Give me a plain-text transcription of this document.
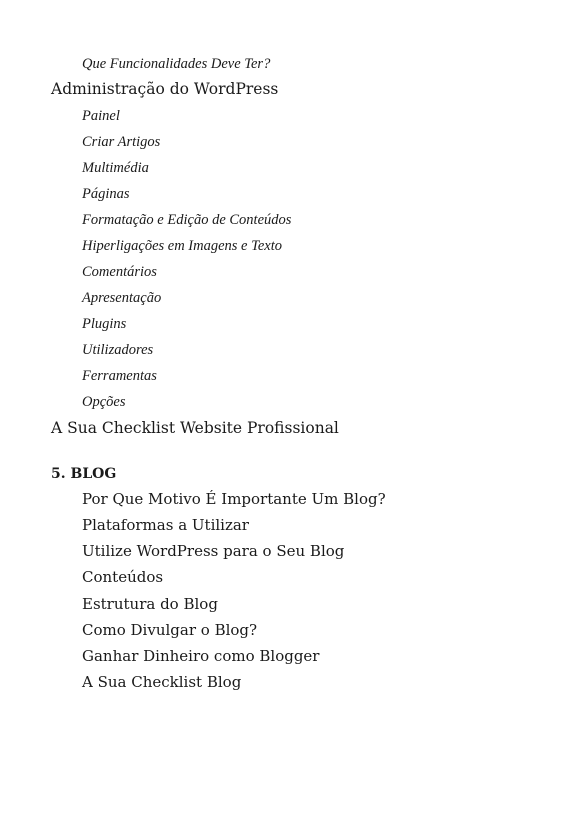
Que Funcionalidades Deve Ter?
Administração do WordPress
Painel
Criar Artigos
Multimédia
Páginas
Formatação e Edição de Conteúdos
Hiperligações em Imagens e Texto
Comentários
Apresentação
Plugins
Utilizadores
Ferramentas
Opções
A Sua Checklist Website Profissional
5. BLOG
Por Que Motivo É Importante Um Blog?
Plataformas a Utilizar
Utilize WordPress para o Seu Blog
Conteúdos
Estrutura do Blog
Como Divulgar o Blog?
Ganhar Dinheiro como Blogger
A Sua Checklist Blog
